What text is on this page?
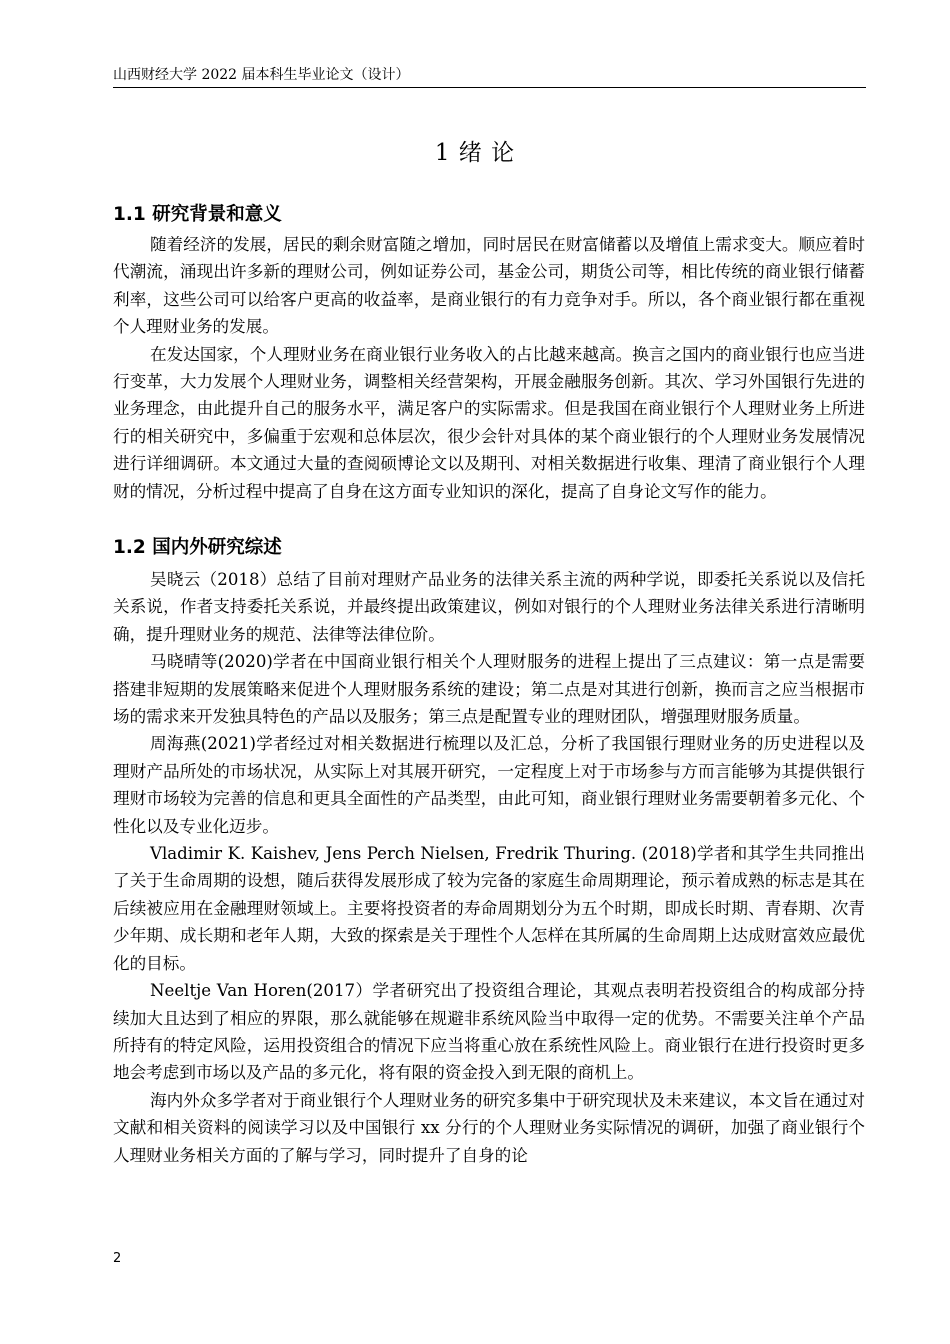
山西财经大学 2022 届本科生毕业论文（设计）
1 绪 论
1.1 研究背景和意义

随着经济的发展，居民的剩余财富随之增加，同时居民在财富储蓄以及增值上需求变大。顺应着时代潮流，涌现出许多新的理财公司，例如证券公司，基金公司，期货公司等，相比传统的商业银行储蓄利率，这些公司可以给客户更高的收益率，是商业银行的有力竞争对手。所以，各个商业银行都在重视个人理财业务的发展。

在发达国家，个人理财业务在商业银行业务收入的占比越来越高。换言之国内的商业银行也应当进行变革，大力发展个人理财业务，调整相关经营架构，开展金融服务创新。其次、学习外国银行先进的业务理念，由此提升自己的服务水平，满足客户的实际需求。但是我国在商业银行个人理财业务上所进行的相关研究中，多偏重于宏观和总体层次，很少会针对具体的某个商业银行的个人理财业务发展情况进行详细调研。本文通过大量的查阅硕博论文以及期刊、对相关数据进行收集、理清了商业银行个人理财的情况，分析过程中提高了自身在这方面专业知识的深化，提高了自身论文写作的能力。

1.2 国内外研究综述

吴晓云（2018）总结了目前对理财产品业务的法律关系主流的两种学说，即委托关系说以及信托关系说，作者支持委托关系说，并最终提出政策建议，例如对银行的个人理财业务法律关系进行清晰明确，提升理财业务的规范、法律等法律位阶。

马晓晴等(2020)学者在中国商业银行相关个人理财服务的进程上提出了三点建议：第一点是需要搭建非短期的发展策略来促进个人理财服务系统的建设；第二点是对其进行创新，换而言之应当根据市场的需求来开发独具特色的产品以及服务；第三点是配置专业的理财团队，增强理财服务质量。

周海燕(2021)学者经过对相关数据进行梳理以及汇总，分析了我国银行理财业务的历史进程以及理财产品所处的市场状况，从实际上对其展开研究，一定程度上对于市场参与方而言能够为其提供银行理财市场较为完善的信息和更具全面性的产品类型，由此可知，商业银行理财业务需要朝着多元化、个性化以及专业化迈步。

Vladimir K. Kaishev, Jens Perch Nielsen, Fredrik Thuring. (2018)学者和其学生共同推出了关于生命周期的设想，随后获得发展形成了较为完备的家庭生命周期理论，预示着成熟的标志是其在后续被应用在金融理财领域上。主要将投资者的寿命周期划分为五个时期，即成长时期、青春期、次青少年期、成长期和老年人期，大致的探索是关于理性个人怎样在其所属的生命周期上达成财富效应最优化的目标。

Neeltje Van Horen(2017）学者研究出了投资组合理论，其观点表明若投资组合的构成部分持续加大且达到了相应的界限，那么就能够在规避非系统风险当中取得一定的优势。不需要关注单个产品所持有的特定风险，运用投资组合的情况下应当将重心放在系统性风险上。商业银行在进行投资时更多地会考虑到市场以及产品的多元化，将有限的资金投入到无限的商机上。

海内外众多学者对于商业银行个人理财业务的研究多集中于研究现状及未来建议，本文旨在通过对文献和相关资料的阅读学习以及中国银行 xx 分行的个人理财业务实际情况的调研，加强了商业银行个人理财业务相关方面的了解与学习，同时提升了自身的论

2
